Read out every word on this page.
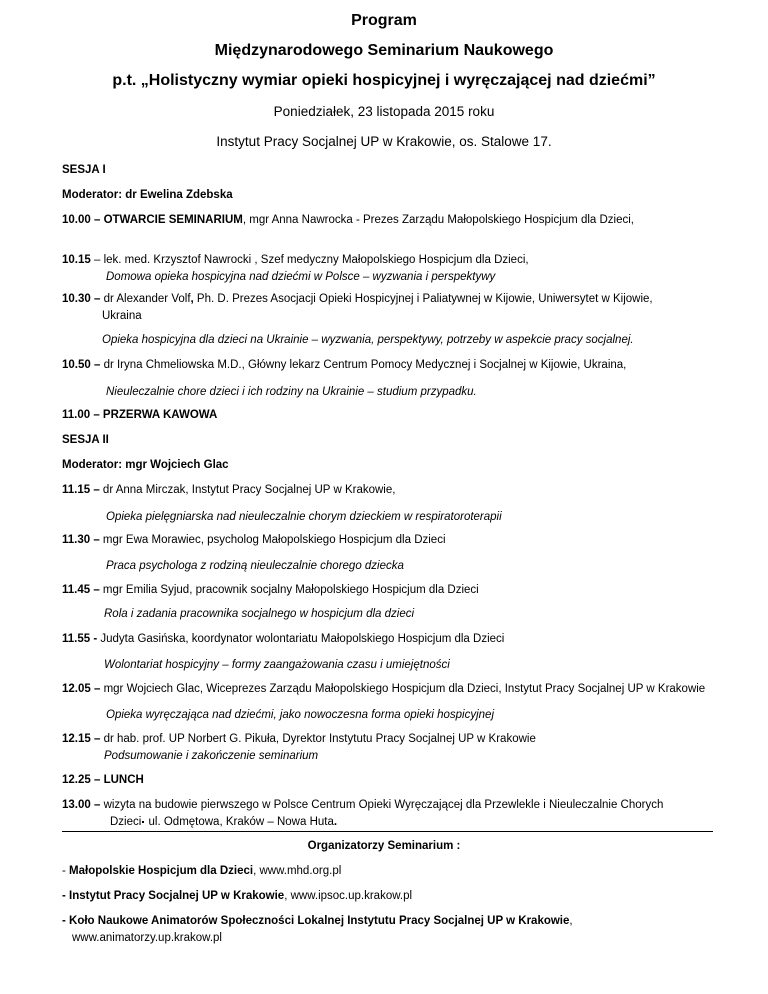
Program
Międzynarodowego Seminarium Naukowego
p.t. „Holistyczny wymiar opieki hospicyjnej i wyręczającej nad dziećmi”
Poniedziałek, 23 listopada 2015 roku
Instytut Pracy Socjalnej UP w Krakowie, os. Stalowe 17.
SESJA I
Moderator: dr Ewelina Zdebska
10.00 – OTWARCIE SEMINARIUM, mgr Anna Nawrocka - Prezes Zarządu Małopolskiego Hospicjum dla Dzieci,
10.15 – lek. med. Krzysztof Nawrocki , Szef medyczny Małopolskiego Hospicjum dla Dzieci,
Domowa opieka hospicyjna nad dziećmi w Polsce – wyzwania i perspektywy
10.30 – dr Alexander Volf, Ph. D. Prezes Asocjacji Opieki Hospicyjnej i Paliatywnej w Kijowie, Uniwersytet w Kijowie,
Ukraina
Opieka hospicyjna dla dzieci na Ukrainie – wyzwania, perspektywy, potrzeby w aspekcie pracy socjalnej.
10.50 – dr Iryna Chmeliowska M.D., Główny lekarz Centrum Pomocy Medycznej i Socjalnej w Kijowie, Ukraina,
Nieuleczalnie chore dzieci i ich rodziny na Ukrainie – studium przypadku.
11.00 – PRZERWA KAWOWA
SESJA II
Moderator: mgr Wojciech Glac
11.15 – dr Anna Mirczak, Instytut Pracy Socjalnej UP w Krakowie,
Opieka pielęgniarska nad nieuleczalnie chorym dzieckiem w respiratoroterapii
11.30 – mgr Ewa Morawiec, psycholog Małopolskiego Hospicjum dla Dzieci
Praca psychologa z rodziną nieuleczalnie chorego dziecka
11.45 – mgr Emilia Syjud, pracownik socjalny Małopolskiego Hospicjum dla Dzieci
Rola i zadania pracownika socjalnego w hospicjum dla dzieci
11.55 - Judyta Gasińska, koordynator wolontariatu Małopolskiego Hospicjum dla Dzieci
Wolontariat hospicyjny – formy zaangażowania czasu i umiejętności
12.05 – mgr Wojciech Glac, Wiceprezes Zarządu Małopolskiego Hospicjum dla Dzieci, Instytut Pracy Socjalnej UP w Krakowie
Opieka wyręczająca nad dziećmi, jako nowoczesna forma opieki hospicyjnej
12.15 – dr hab. prof. UP Norbert G. Pikuła, Dyrektor Instytutu Pracy Socjalnej UP w Krakowie
Podsumowanie i zakończenie seminarium
12.25 – LUNCH
13.00 – wizyta na budowie pierwszego w Polsce Centrum Opieki Wyręczającej dla Przewlekle i Nieuleczalnie Chorych
Dzieci ul. Odmętowa, Kraków – Nowa Huta.
Organizatorzy Seminarium :
- Małopolskie Hospicjum dla Dzieci, www.mhd.org.pl
- Instytut Pracy Socjalnej UP w Krakowie, www.ipsoc.up.krakow.pl
- Koło Naukowe Animatorów Społeczności Lokalnej Instytutu Pracy Socjalnej UP w Krakowie,
www.animatorzy.up.krakow.pl
